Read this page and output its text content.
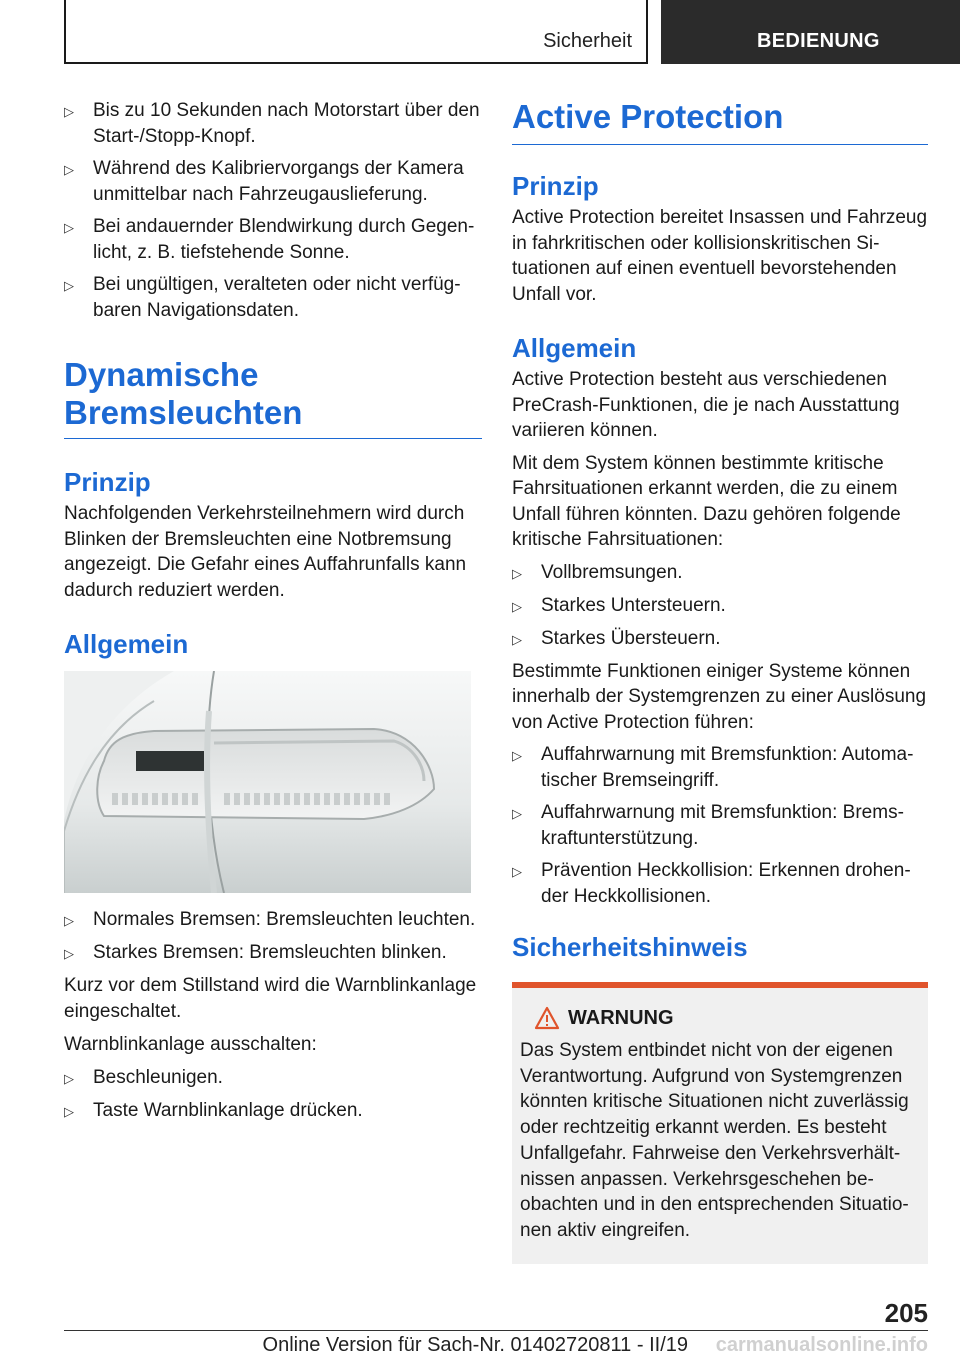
Sicherheit	BEDIENUNG
▷	Bis zu 10 Sekunden nach Motorstart über den Start-/Stopp-Knopf.
▷	Während des Kalibriervorgangs der Kamera unmittelbar nach Fahrzeugauslieferung.
▷	Bei andauernder Blendwirkung durch Gegenlicht, z. B. tiefstehende Sonne.
▷	Bei ungültigen, veralteten oder nicht verfügbaren Navigationsdaten.
Dynamische
Bremsleuchten
Prinzip

Nachfolgenden Verkehrsteilnehmern wird durch Blinken der Bremsleuchten eine Notbremsung angezeigt. Die Gefahr eines Auffahrunfalls kann dadurch reduziert werden.

Allgemein
▷	Normales Bremsen: Bremsleuchten leuchten.
▷	Starkes Bremsen: Bremsleuchten blinken.

Kurz vor dem Stillstand wird die Warnblinkanlage eingeschaltet.

Warnblinkanlage ausschalten:

▷	Beschleunigen.
▷	Taste Warnblinkanlage drücken.
Active Protection
Prinzip

Active Protection bereitet Insassen und Fahrzeug in fahrkritischen oder kollisionskritischen Situationen auf einen eventuell bevorstehenden Unfall vor.

Allgemein

Active Protection besteht aus verschiedenen PreCrash-Funktionen, die je nach Ausstattung variieren können.

Mit dem System können bestimmte kritische Fahrsituationen erkannt werden, die zu einem Unfall führen könnten. Dazu gehören folgende kritische Fahrsituationen:

▷	Vollbremsungen.
▷	Starkes Untersteuern.
▷	Starkes Übersteuern.

Bestimmte Funktionen einiger Systeme können innerhalb der Systemgrenzen zu einer Auslösung von Active Protection führen:

▷	Auffahrwarnung mit Bremsfunktion: Automatischer Bremseingriff.
▷	Auffahrwarnung mit Bremsfunktion: Bremskraftunterstützung.
▷	Prävention Heckkollision: Erkennen drohender Heckkollisionen.
Sicherheitshinweis
WARNUNG

Das System entbindet nicht von der eigenen Verantwortung. Aufgrund von Systemgrenzen könnten kritische Situationen nicht zuverlässig oder rechtzeitig erkannt werden. Es besteht Unfallgefahr. Fahrweise den Verkehrsverhältnissen anpassen. Verkehrsgeschehen beobachten und in den entsprechenden Situationen aktiv eingreifen.

205
Online Version für Sach-Nr. 01402720811 - II/19 carmanualsonline.info
